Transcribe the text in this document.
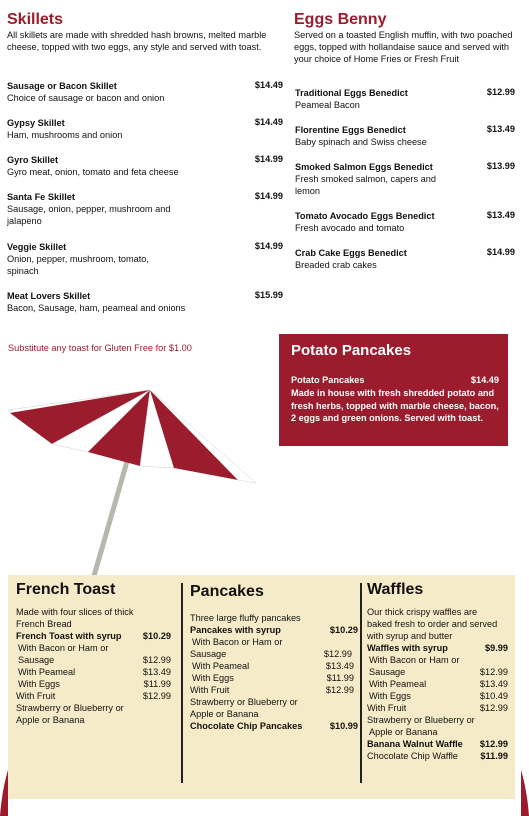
Skillets
All skillets are made with shredded hash browns, melted marble cheese, topped with two eggs, any style and served with toast.
Sausage or Bacon Skillet	$14.49
Choice of sausage or bacon and onion
Gypsy Skillet	$14.49
Ham, mushrooms and onion
Gyro Skillet	$14.99
Gyro meat, onion, tomato and feta cheese
Santa Fe Skillet	$14.99
Sausage, onion, pepper, mushroom and jalapeno
Veggie Skillet	$14.99
Onion, pepper, mushroom, tomato, spinach
Meat Lovers Skillet	$15.99
Bacon, Sausage, ham, peameal and onions
Substitute any toast for Gluten Free for $1.00
Eggs Benny
Served on a toasted English muffin, with two poached eggs, topped with hollandaise sauce and served with your choice of Home Fries or Fresh Fruit
Traditional Eggs Benedict	$12.99
Peameal Bacon
Florentine Eggs Benedict	$13.49
Baby spinach and Swiss cheese
Smoked Salmon Eggs Benedict	$13.99
Fresh smoked salmon, capers and lemon
Tomato Avocado Eggs Benedict	$13.49
Fresh avocado and tomato
Crab Cake Eggs Benedict	$14.99
Breaded crab cakes
Potato Pancakes
Potato Pancakes	$14.49
Made in house with fresh shredded potato and fresh herbs, topped with marble cheese, bacon, 2 eggs and green onions. Served with toast.
French Toast
Made with four slices of thick French Bread
French Toast with syrup $10.29
With Bacon or Ham or
Sausage	$12.99
With Peameal	$13.49
With Eggs	$11.99
With Fruit	$12.99
Strawberry or Blueberry or
Apple or Banana
Pancakes
Three large fluffy pancakes
Pancakes with syrup	$10.29
With Bacon or Ham or
Sausage	$12.99
With Peameal	$13.49
With Eggs	$11.99
With Fruit	$12.99
Strawberry or Blueberry or
Apple or Banana
Chocolate Chip Pancakes	$10.99
Waffles
Our thick crispy waffles are baked fresh to order and served with syrup and butter
Waffles with syrup	$9.99
With Bacon or Ham or
Sausage	$12.99
With Peameal	$13.49
With Eggs	$10.49
With Fruit	$12.99
Strawberry or Blueberry or
Apple or Banana
Banana Walnut Waffle $12.99
Chocolate Chip Waffle $11.99
